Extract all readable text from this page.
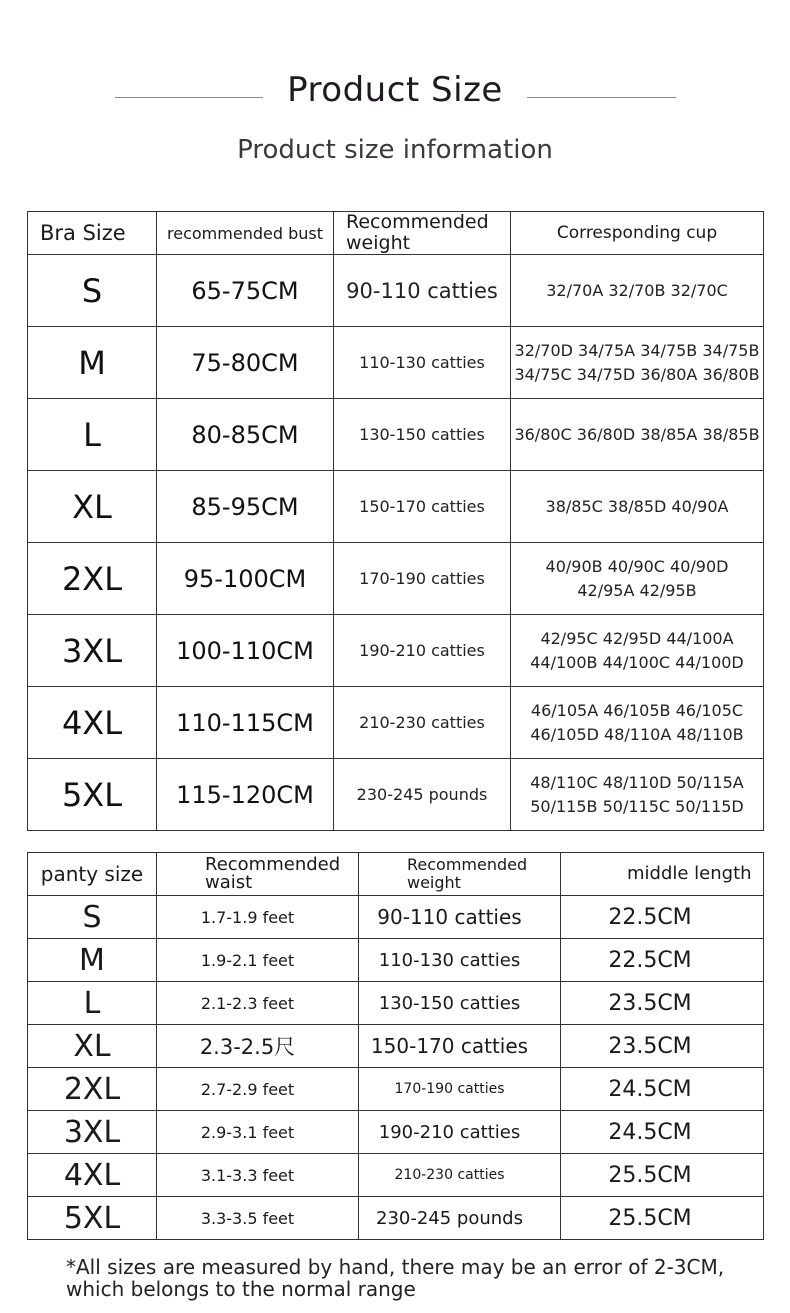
Product Size
Product size information
Bra Size	recommended bust	Recommended weight	Corresponding cup
S	65-75CM	90-110 catties	32/70A 32/70B 32/70C

M	75-80CM	110-130 catties	32/70D 34/75A 34/75B 34/75B
34/75C 34/75D 36/80A 36/80B

L	80-85CM	130-150 catties	36/80C 36/80D 38/85A 38/85B

XL	85-95CM	150-170 catties	38/85C 38/85D 40/90A

2XL	95-100CM	170-190 catties	40/90B 40/90C 40/90D
42/95A 42/95B

3XL	100-110CM	190-210 catties	42/95C 42/95D 44/100A
44/100B 44/100C 44/100D

4XL	110-115CM	210-230 catties	46/105A 46/105B 46/105C
46/105D 48/110A 48/110B

5XL	115-120CM	230-245 pounds	48/110C 48/110D 50/115A
50/115B 50/115C 50/115D
panty size	Recommended waist	Recommended weight	middle length
S	1.7-1.9 feet	90-110 catties	22.5CM
M	1.9-2.1 feet	110-130 catties	22.5CM
L	2.1-2.3 feet	130-150 catties	23.5CM
XL	2.3-2.5尺	150-170 catties	23.5CM
2XL	2.7-2.9 feet	170-190 catties	24.5CM
3XL	2.9-3.1 feet	190-210 catties	24.5CM
4XL	3.1-3.3 feet	210-230 catties	25.5CM
5XL	3.3-3.5 feet	230-245 pounds	25.5CM
*All sizes are measured by hand, there may be an error of 2-3CM, which belongs to the normal range
